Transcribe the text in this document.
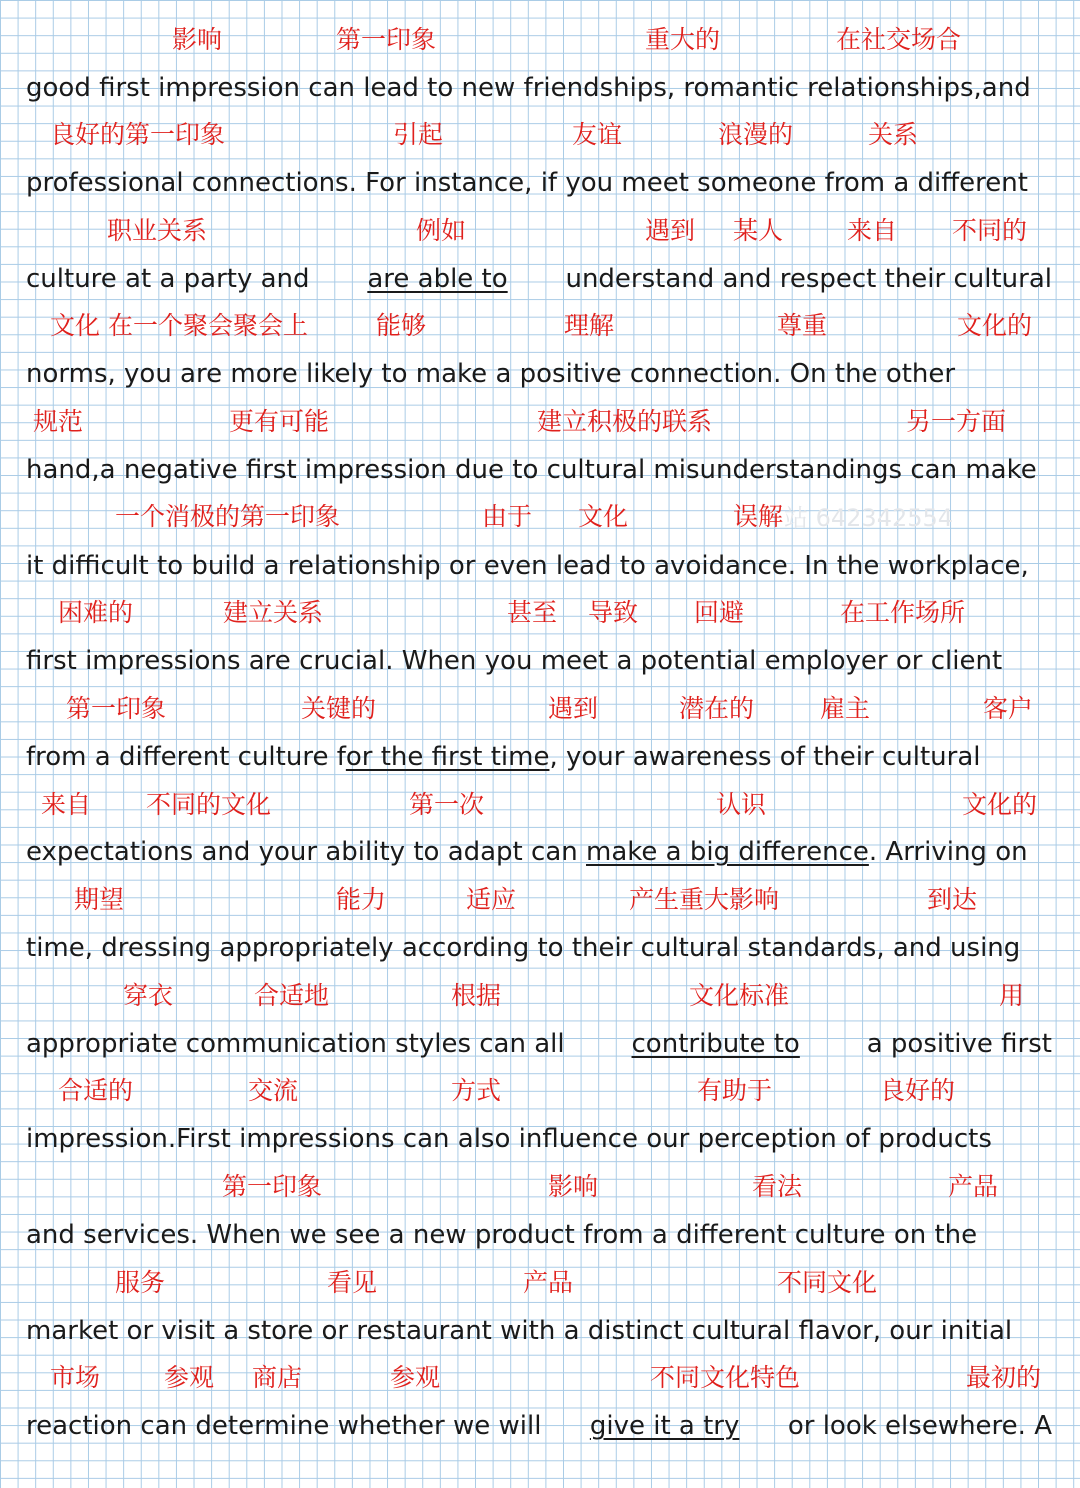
影响	第一印象	重大的	在社交场合
good first impression can lead to new friendships, romantic relationships,and
良好的第一印象	引起	友谊	浪漫的	关系
professional connections. For instance, if you meet someone from a different
职业关系	例如	遇到 某人	来自 不同的
culture at a party and are able to understand and respect their cultural
文化 在一个聚会聚会上	能够	理解	尊重	文化的
norms, you are more likely to make a positive connection. On the other
规范	更有可能	建立积极的联系	另一方面
hand,a negative first impression due to cultural misunderstandings can make
一个消极的第一印象	由于 文化	误解 站 642342554
it difficult to build a relationship or even lead to avoidance. In the workplace,
困难的	建立关系	甚至 导致 回避	在工作场所
first impressions are crucial. When you meet a potential employer or client
第一印象	关键的	遇到	潜在的	雇主	客户
from a different culture f or the first time , your awareness of their cultural
来自 不同的文化	第一次	认识	文化的
expectations and your ability to adapt can make a big difference . Arriving on
期望	能力	适应	产生重大影响	到达
time, dressing appropriately according to their cultural standards, and using
穿衣	合适地	根据	文化标准	用
appropriate communication styles can all	contribute to	a positive first
合适的	交流	方式	有助于	良好的
impression.First impressions can also influence our perception of products
第一印象	影响	看法	产品
and services. When we see a new product from a different culture on the
服务	看见	产品	不同文化
market or visit a store or restaurant with a distinct cultural flavor, our initial
市场	参观 商店	参观	不同文化特色	最初的
reaction can determine whether we will give it a try or look elsewhere. A
